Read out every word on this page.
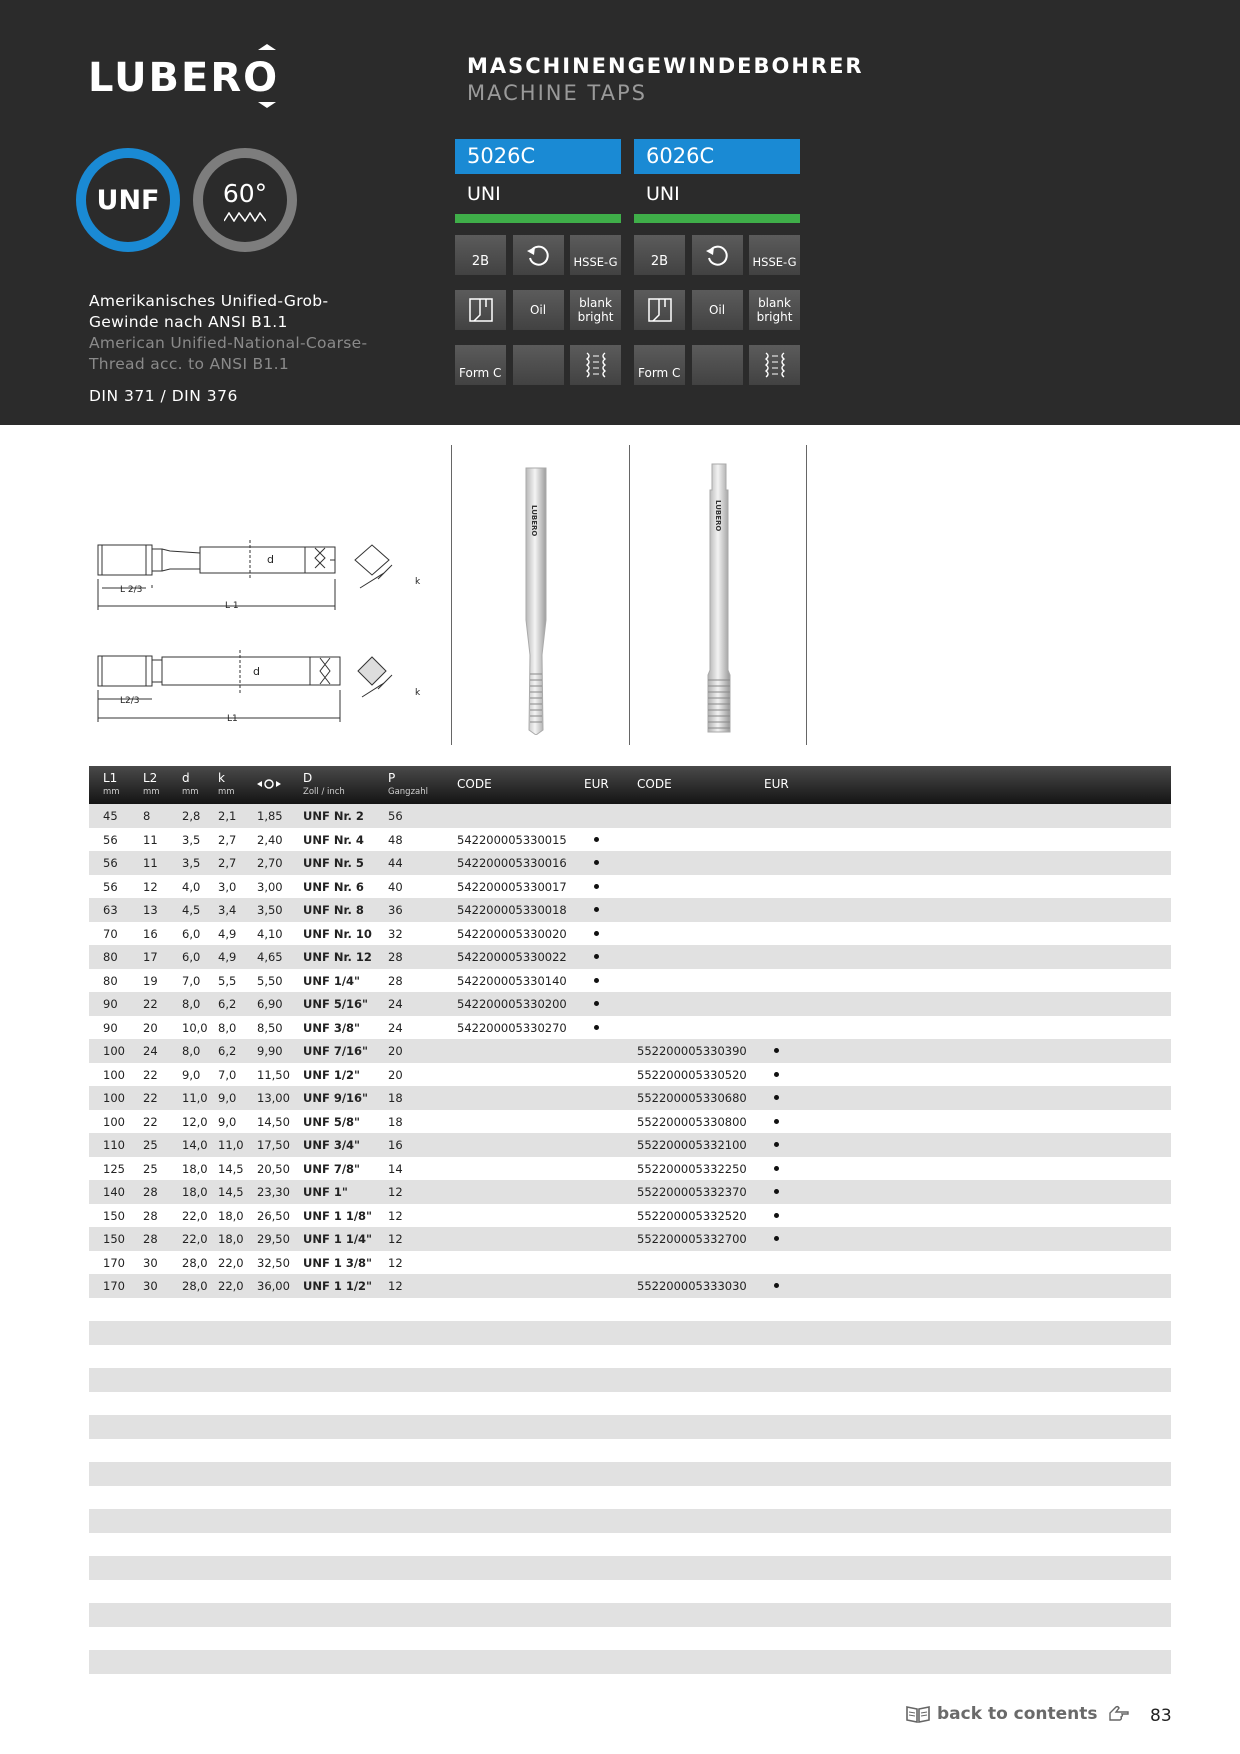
LUBERO
UNF	60°
Amerikanisches Unified-Grob-
Gewinde nach ANSI B1.1
American Unified-National-Coarse-
Thread acc. to ANSI B1.1
DIN 371 / DIN 376
MASCHINENGEWINDEBOHRER
MACHINE TAPS
5026C
UNI
2B	HSSE-G
Oil	blank
bright
Form C
6026C
UNI
2B	HSSE-G
Oil	blank
bright
Form C
L 2/3
L 1
d
k
L2/3
L1
d
k
LUBERO	LUBERO
L1
mm
L2
mm
d
mm
k
mm
D
Zoll / inch
P
Gangzahl
CODE	EUR CODE	EUR
45 8	2,8 2,1 1,85 UNF Nr. 2 56
56 11 3,5 2,7 2,40 UNF Nr. 4 48	542200005330015
56 11 3,5 2,7 2,70 UNF Nr. 5 44	542200005330016
56 12 4,0 3,0 3,00 UNF Nr. 6 40	542200005330017
63 13 4,5 3,4 3,50 UNF Nr. 8 36	542200005330018
70 16 6,0 4,9 4,10 UNF Nr. 10 32	542200005330020
80 17 6,0 4,9 4,65 UNF Nr. 12 28	542200005330022
80 19 7,0 5,5 5,50 UNF 1/4" 28	542200005330140
90 22 8,0 6,2 6,90 UNF 5/16" 24	542200005330200
90 20 10,0 8,0 8,50 UNF 3/8" 24	542200005330270
100 24 8,0 6,2 9,90 UNF 7/16" 20	552200005330390
100 22 9,0 7,0 11,50 UNF 1/2" 20	552200005330520
100 22 11,0 9,0 13,00 UNF 9/16" 18	552200005330680
100 22 12,0 9,0 14,50 UNF 5/8" 18	552200005330800
110 25 14,0 11,0 17,50 UNF 3/4" 16	552200005332100
125 25 18,0 14,5 20,50 UNF 7/8" 14	552200005332250
140 28 18,0 14,5 23,30 UNF 1"	12	552200005332370
150 28 22,0 18,0 26,50 UNF 1 1/8" 12	552200005332520
150 28 22,0 18,0 29,50 UNF 1 1/4" 12	552200005332700
170 30 28,0 22,0 32,50 UNF 1 3/8" 12
170 30 28,0 22,0 36,00 UNF 1 1/2" 12	552200005333030
back to contents	83
